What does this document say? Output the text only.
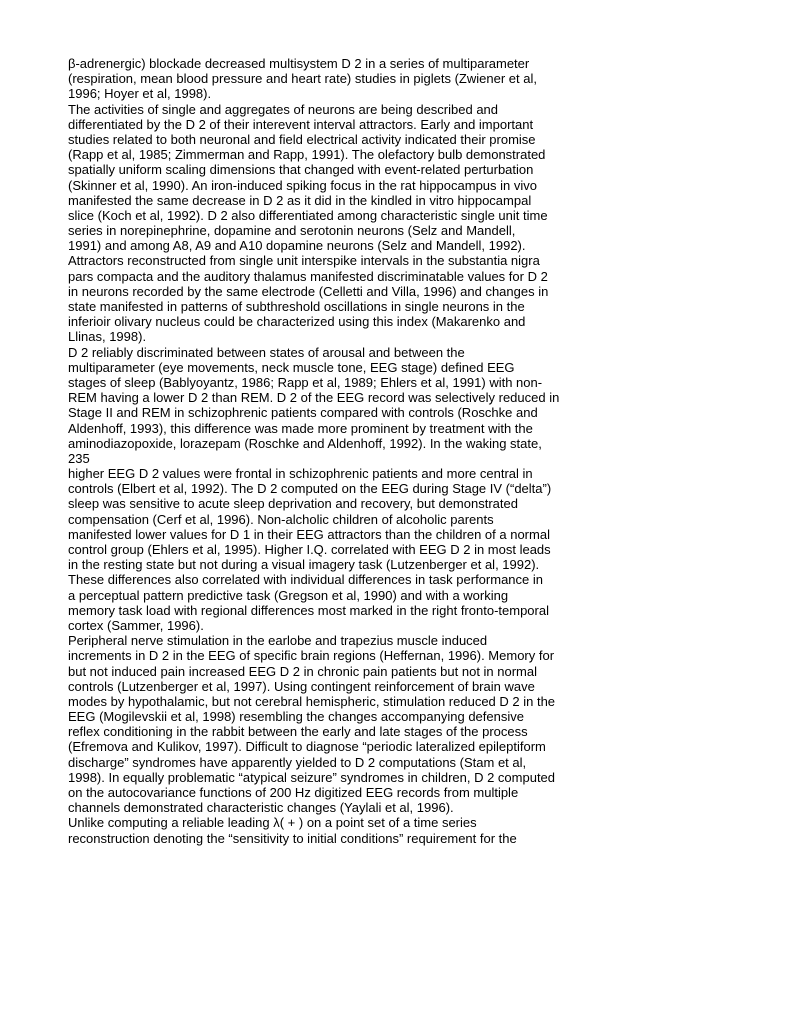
β-adrenergic) blockade decreased multisystem D 2 in a series of multiparameter
(respiration, mean blood pressure and heart rate) studies in piglets (Zwiener et al,
1996; Hoyer et al, 1998).
The activities of single and aggregates of neurons are being described and
differentiated by the D 2 of their interevent interval attractors. Early and important
studies related to both neuronal and field electrical activity indicated their promise
(Rapp et al, 1985; Zimmerman and Rapp, 1991). The olefactory bulb demonstrated
spatially uniform scaling dimensions that changed with event-related perturbation
(Skinner et al, 1990). An iron-induced spiking focus in the rat hippocampus in vivo
manifested the same decrease in D 2 as it did in the kindled in vitro hippocampal
slice (Koch et al, 1992). D 2 also differentiated among characteristic single unit time
series in norepinephrine, dopamine and serotonin neurons (Selz and Mandell,
1991) and among A8, A9 and A10 dopamine neurons (Selz and Mandell, 1992).
Attractors reconstructed from single unit interspike intervals in the substantia nigra
pars compacta and the auditory thalamus manifested discriminatable values for D 2
in neurons recorded by the same electrode (Celletti and Villa, 1996) and changes in
state manifested in patterns of subthreshold oscillations in single neurons in the
inferioir olivary nucleus could be characterized using this index (Makarenko and
Llinas, 1998).
D 2 reliably discriminated between states of arousal and between the
multiparameter (eye movements, neck muscle tone, EEG stage) defined EEG
stages of sleep (Bablyoyantz, 1986; Rapp et al, 1989; Ehlers et al, 1991) with non-
REM having a lower D 2 than REM. D 2 of the EEG record was selectively reduced in
Stage II and REM in schizophrenic patients compared with controls (Roschke and
Aldenhoff, 1993), this difference was made more prominent by treatment with the
aminodiazopoxide, lorazepam (Roschke and Aldenhoff, 1992). In the waking state,
235
higher EEG D 2 values were frontal in schizophrenic patients and more central in
controls (Elbert et al, 1992). The D 2 computed on the EEG during Stage IV (“delta”)
sleep was sensitive to acute sleep deprivation and recovery, but demonstrated
compensation (Cerf et al, 1996). Non-alcholic children of alcoholic parents
manifested lower values for D 1 in their EEG attractors than the children of a normal
control group (Ehlers et al, 1995). Higher I.Q. correlated with EEG D 2 in most leads
in the resting state but not during a visual imagery task (Lutzenberger et al, 1992).
These differences also correlated with individual differences in task performance in
a perceptual pattern predictive task (Gregson et al, 1990) and with a working
memory task load with regional differences most marked in the right fronto-temporal
cortex (Sammer, 1996).
Peripheral nerve stimulation in the earlobe and trapezius muscle induced
increments in D 2 in the EEG of specific brain regions (Heffernan, 1996). Memory for
but not induced pain increased EEG D 2 in chronic pain patients but not in normal
controls (Lutzenberger et al, 1997). Using contingent reinforcement of brain wave
modes by hypothalamic, but not cerebral hemispheric, stimulation reduced D 2 in the
EEG (Mogilevskii et al, 1998) resembling the changes accompanying defensive
reflex conditioning in the rabbit between the early and late stages of the process
(Efremova and Kulikov, 1997). Difficult to diagnose “periodic lateralized epileptiform
discharge” syndromes have apparently yielded to D 2 computations (Stam et al,
1998). In equally problematic “atypical seizure” syndromes in children, D 2 computed
on the autocovariance functions of 200 Hz digitized EEG records from multiple
channels demonstrated characteristic changes (Yaylali et al, 1996).
Unlike computing a reliable leading λ( + ) on a point set of a time series
reconstruction denoting the “sensitivity to initial conditions” requirement for the
